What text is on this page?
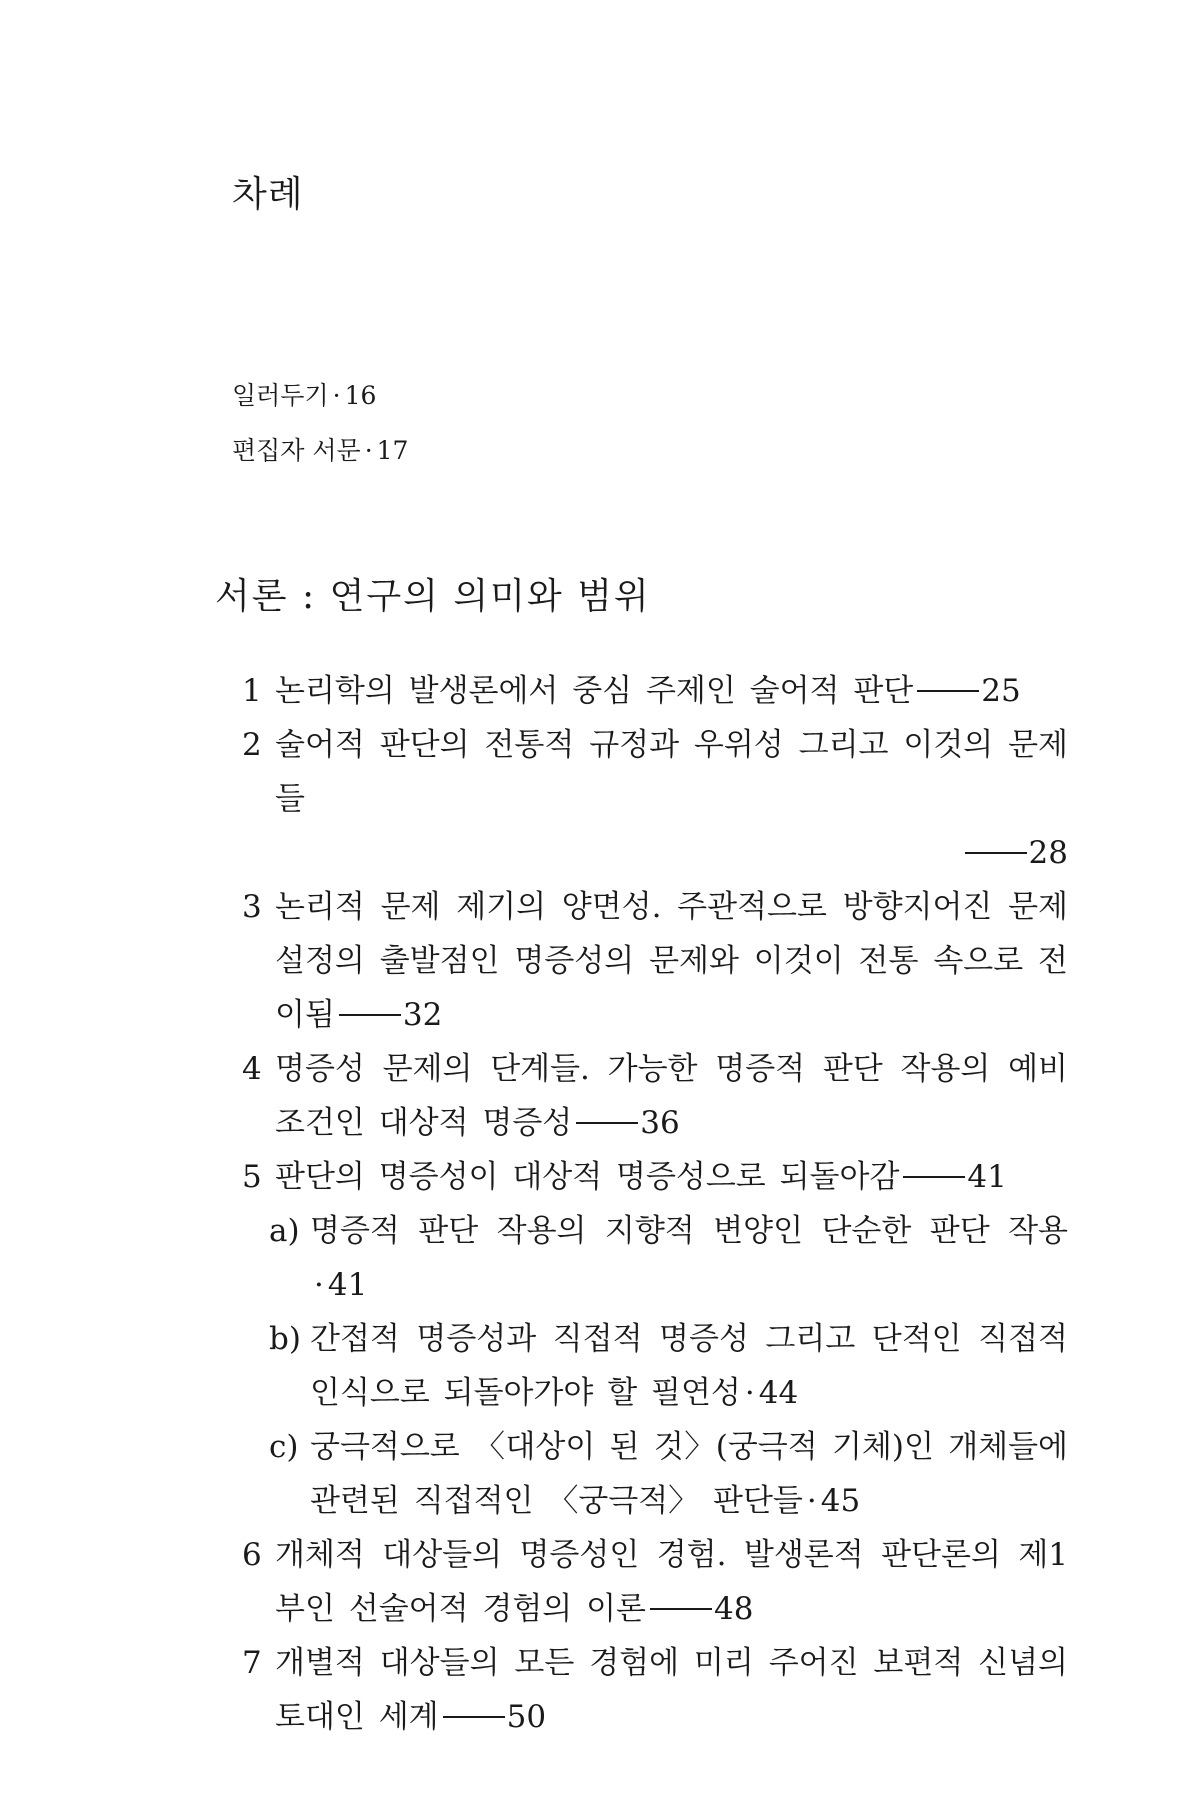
차례
일러두기 · 16
편집자 서문 · 17
서론 : 연구의 의미와 범위
1 논리학의 발생론에서 중심 주제인 술어적 판단 25
2 술어적 판단의 전통적 규정과 우위성 그리고 이것의 문제들
28
3 논리적 문제 제기의 양면성. 주관적으로 방향지어진 문제 설정의 출발점인 명증성의 문제와 이것이 전통 속으로 전이됨 32
4 명증성 문제의 단계들. 가능한 명증적 판단 작용의 예비 조건인 대상적 명증성 36
5 판단의 명증성이 대상적 명증성으로 되돌아감 41
a) 명증적 판단 작용의 지향적 변양인 단순한 판단 작용· 41
b) 간접적 명증성과 직접적 명증성 그리고 단적인 직접적 인식으로 되돌아가야 할 필연성 · 44
c) 궁극적으로 〈대상이 된 것〉(궁극적 기체)인 개체들에 관련된 직접적인 〈궁극적〉 판단들 · 45
6 개체적 대상들의 명증성인 경험. 발생론적 판단론의 제1부인 선술어적 경험의 이론 48
7 개별적 대상들의 모든 경험에 미리 주어진 보편적 신념의 토대인 세계 50
